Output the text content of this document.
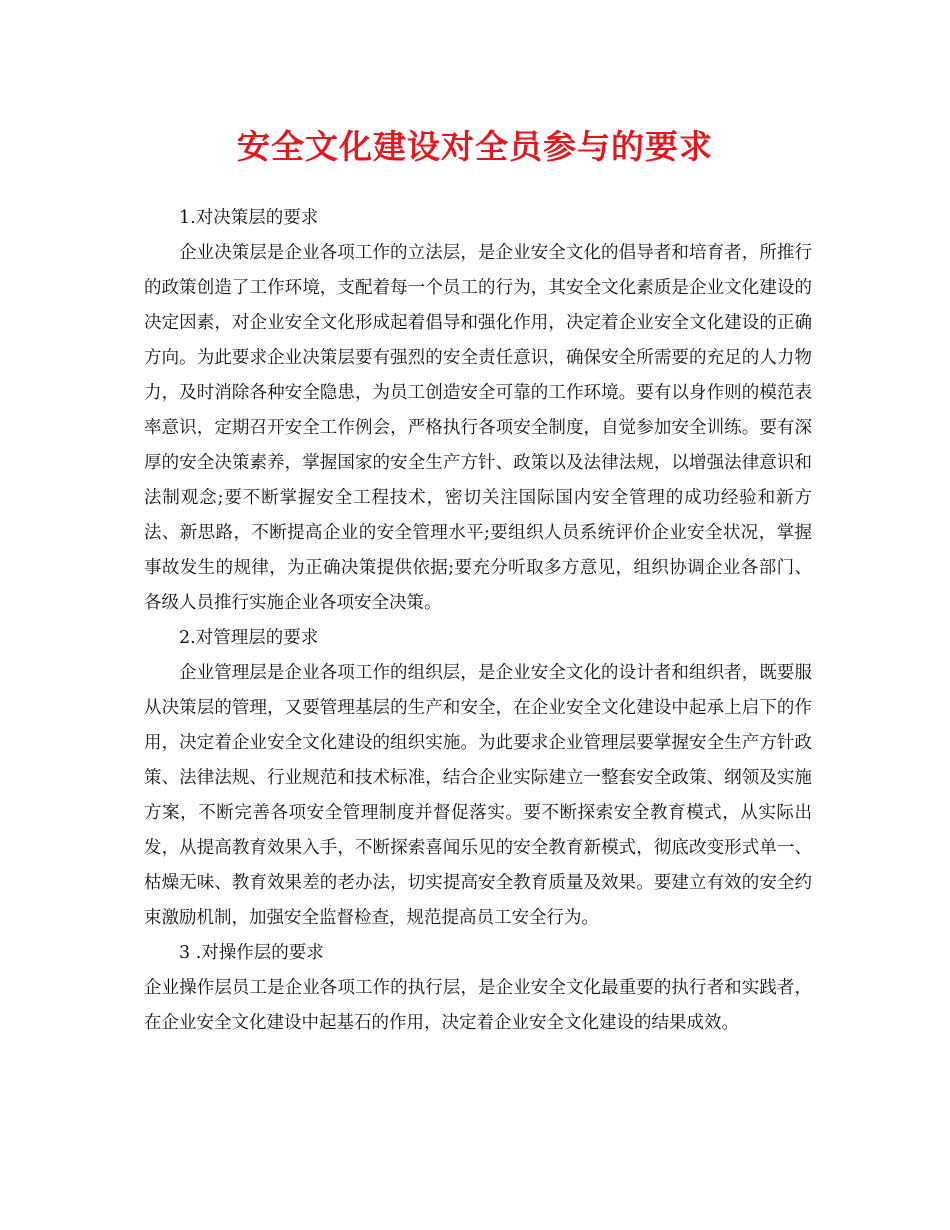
安全文化建设对全员参与的要求

1.对决策层的要求

企业决策层是企业各项工作的立法层，是企业安全文化的倡导者和培育者，所推行的政策创造了工作环境，支配着每一个员工的行为，其安全文化素质是企业文化建设的决定因素，对企业安全文化形成起着倡导和强化作用，决定着企业安全文化建设的正确方向。为此要求企业决策层要有强烈的安全责任意识，确保安全所需要的充足的人力物力，及时消除各种安全隐患，为员工创造安全可靠的工作环境。要有以身作则的模范表率意识，定期召开安全工作例会，严格执行各项安全制度，自觉参加安全训练。要有深厚的安全决策素养，掌握国家的安全生产方针、政策以及法律法规，以增强法律意识和法制观念;要不断掌握安全工程技术，密切关注国际国内安全管理的成功经验和新方法、新思路，不断提高企业的安全管理水平;要组织人员系统评价企业安全状况，掌握事故发生的规律，为正确决策提供依据;要充分听取多方意见，组织协调企业各部门、各级人员推行实施企业各项安全决策。

2.对管理层的要求

企业管理层是企业各项工作的组织层，是企业安全文化的设计者和组织者，既要服从决策层的管理，又要管理基层的生产和安全，在企业安全文化建设中起承上启下的作用，决定着企业安全文化建设的组织实施。为此要求企业管理层要掌握安全生产方针政策、法律法规、行业规范和技术标准，结合企业实际建立一整套安全政策、纲领及实施方案，不断完善各项安全管理制度并督促落实。要不断探索安全教育模式，从实际出发，从提高教育效果入手，不断探索喜闻乐见的安全教育新模式，彻底改变形式单一、枯燥无味、教育效果差的老办法，切实提高安全教育质量及效果。要建立有效的安全约束激励机制，加强安全监督检查，规范提高员工安全行为。

3 .对操作层的要求

企业操作层员工是企业各项工作的执行层，是企业安全文化最重要的执行者和实践者，在企业安全文化建设中起基石的作用，决定着企业安全文化建设的结果成效。
